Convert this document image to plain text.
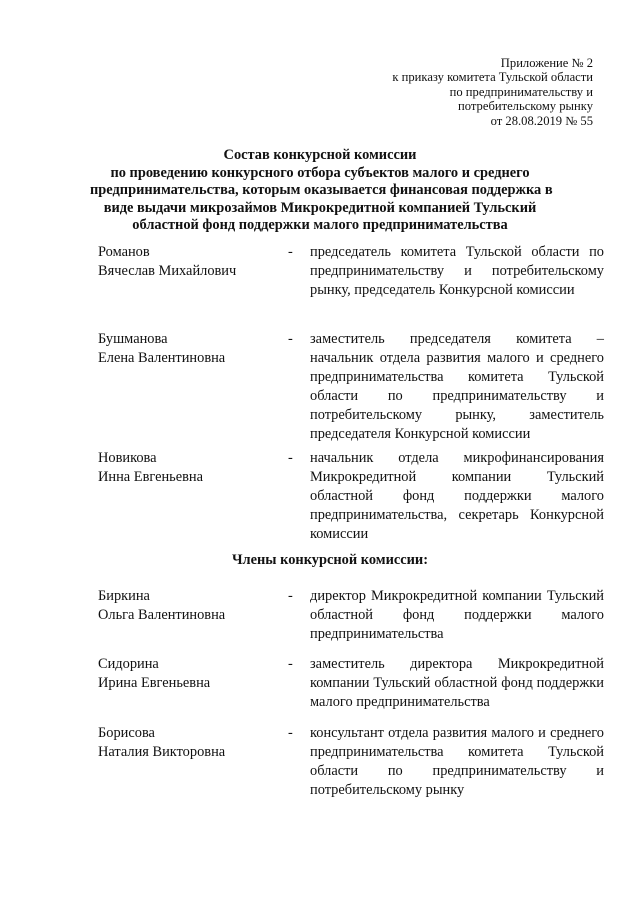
Приложение № 2
к приказу комитета Тульской области
по предпринимательству и
потребительскому рынку
от 28.08.2019 № 55
Состав конкурсной комиссии
по проведению конкурсного отбора субъектов малого и среднего
предпринимательства, которым оказывается финансовая поддержка в
виде выдачи микрозаймов Микрокредитной компанией Тульский
областной фонд поддержки малого предпринимательства
Романов
Вячеслав Михайлович
- председатель комитета Тульской области по предпринимательству и потребительскому рынку, председатель Конкурсной комиссии
Бушманова
Елена Валентиновна
- заместитель председателя комитета – начальник отдела развития малого и среднего предпринимательства комитета Тульской области по предпринимательству и потребительскому рынку, заместитель председателя Конкурсной комиссии
Новикова
Инна Евгеньевна
- начальник отдела микрофинансирования Микрокредитной компании Тульский областной фонд поддержки малого предпринимательства, секретарь Конкурсной комиссии
Члены конкурсной комиссии:
Биркина
Ольга Валентиновна
- директор Микрокредитной компании Тульский областной фонд поддержки малого предпринимательства
Сидорина
Ирина Евгеньевна
- заместитель директора Микрокредитной компании Тульский областной фонд поддержки малого предпринимательства
Борисова
Наталия Викторовна
- консультант отдела развития малого и среднего предпринимательства комитета Тульской области по предпринимательству и потребительскому рынку
